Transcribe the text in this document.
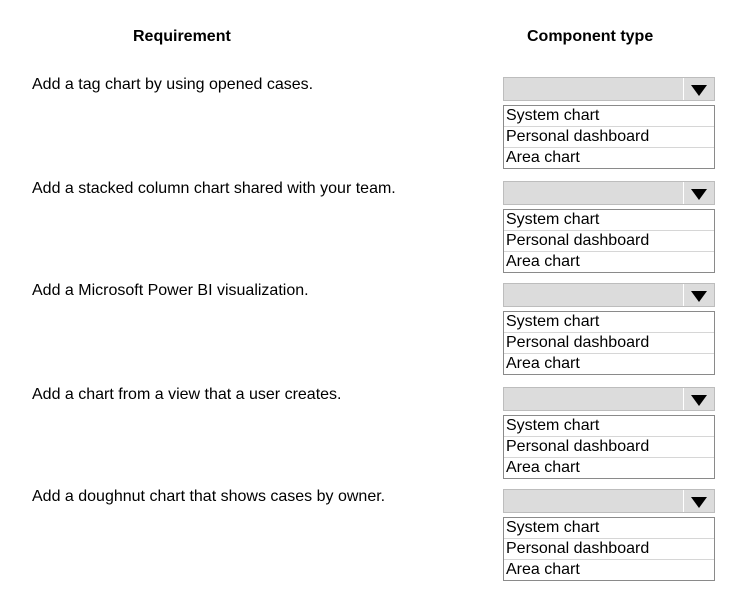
Requirement	Component type
Add a tag chart by using opened cases.
System chart
Personal dashboard
Area chart
Add a stacked column chart shared with your team.
System chart
Personal dashboard
Area chart
Add a Microsoft Power BI visualization.
System chart
Personal dashboard
Area chart
Add a chart from a view that a user creates.
System chart
Personal dashboard
Area chart
Add a doughnut chart that shows cases by owner.
System chart
Personal dashboard
Area chart
